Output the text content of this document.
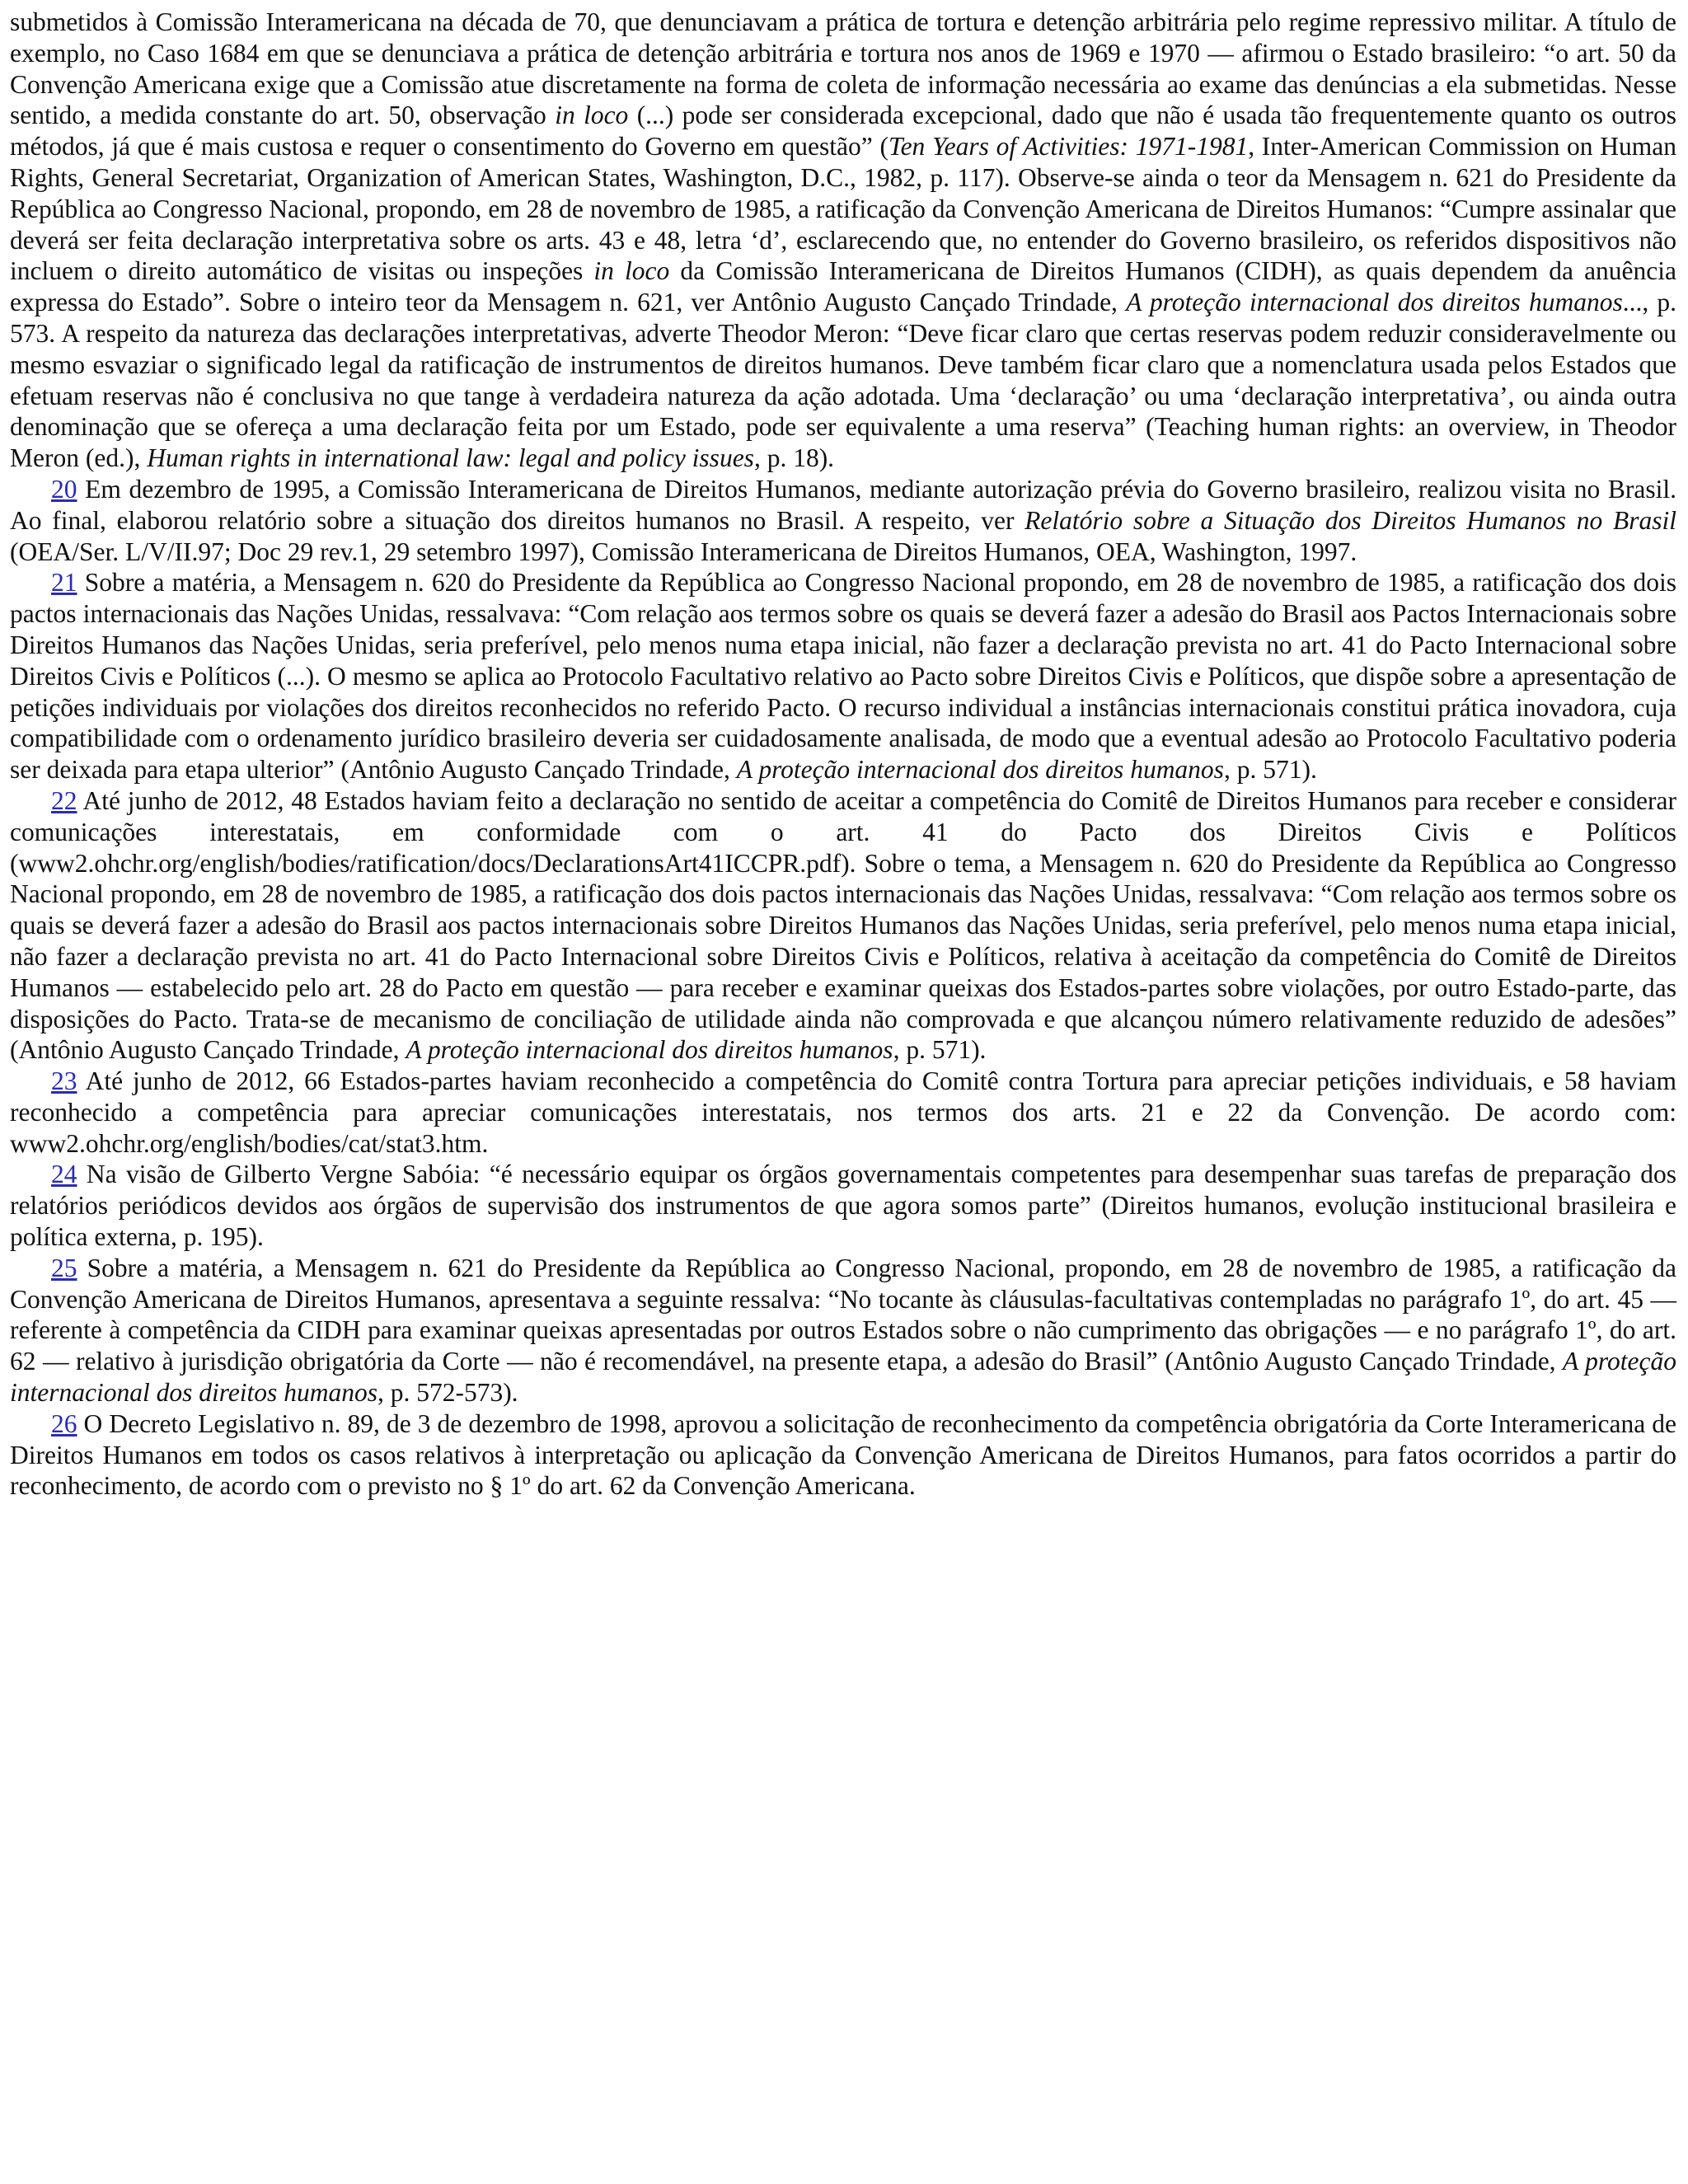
submetidos à Comissão Interamericana na década de 70, que denunciavam a prática de tortura e detenção arbitrária pelo regime repressivo militar. A título de exemplo, no Caso 1684 em que se denunciava a prática de detenção arbitrária e tortura nos anos de 1969 e 1970 — afirmou o Estado brasileiro: “o art. 50 da Convenção Americana exige que a Comissão atue discretamente na forma de coleta de informação necessária ao exame das denúncias a ela submetidas. Nesse sentido, a medida constante do art. 50, observação in loco (...) pode ser considerada excepcional, dado que não é usada tão frequentemente quanto os outros métodos, já que é mais custosa e requer o consentimento do Governo em questão” (Ten Years of Activities: 1971-1981, Inter-American Commission on Human Rights, General Secretariat, Organization of American States, Washington, D.C., 1982, p. 117). Observe-se ainda o teor da Mensagem n. 621 do Presidente da República ao Congresso Nacional, propondo, em 28 de novembro de 1985, a ratificação da Convenção Americana de Direitos Humanos: “Cumpre assinalar que deverá ser feita declaração interpretativa sobre os arts. 43 e 48, letra ‘d’, esclarecendo que, no entender do Governo brasileiro, os referidos dispositivos não incluem o direito automático de visitas ou inspeções in loco da Comissão Interamericana de Direitos Humanos (CIDH), as quais dependem da anuência expressa do Estado”. Sobre o inteiro teor da Mensagem n. 621, ver Antônio Augusto Cançado Trindade, A proteção internacional dos direitos humanos..., p. 573. A respeito da natureza das declarações interpretativas, adverte Theodor Meron: “Deve ficar claro que certas reservas podem reduzir consideravelmente ou mesmo esvaziar o significado legal da ratificação de instrumentos de direitos humanos. Deve também ficar claro que a nomenclatura usada pelos Estados que efetuam reservas não é conclusiva no que tange à verdadeira natureza da ação adotada. Uma ‘declaração’ ou uma ‘declaração interpretativa’, ou ainda outra denominação que se ofereça a uma declaração feita por um Estado, pode ser equivalente a uma reserva” (Teaching human rights: an overview, in Theodor Meron (ed.), Human rights in international law: legal and policy issues, p. 18).

20 Em dezembro de 1995, a Comissão Interamericana de Direitos Humanos, mediante autorização prévia do Governo brasileiro, realizou visita no Brasil. Ao final, elaborou relatório sobre a situação dos direitos humanos no Brasil. A respeito, ver Relatório sobre a Situação dos Direitos Humanos no Brasil (OEA/Ser. L/V/II.97; Doc 29 rev.1, 29 setembro 1997), Comissão Interamericana de Direitos Humanos, OEA, Washington, 1997.

21 Sobre a matéria, a Mensagem n. 620 do Presidente da República ao Congresso Nacional propondo, em 28 de novembro de 1985, a ratificação dos dois pactos internacionais das Nações Unidas, ressalvava: “Com relação aos termos sobre os quais se deverá fazer a adesão do Brasil aos Pactos Internacionais sobre Direitos Humanos das Nações Unidas, seria preferível, pelo menos numa etapa inicial, não fazer a declaração prevista no art. 41 do Pacto Internacional sobre Direitos Civis e Políticos (...). O mesmo se aplica ao Protocolo Facultativo relativo ao Pacto sobre Direitos Civis e Políticos, que dispõe sobre a apresentação de petições individuais por violações dos direitos reconhecidos no referido Pacto. O recurso individual a instâncias internacionais constitui prática inovadora, cuja compatibilidade com o ordenamento jurídico brasileiro deveria ser cuidadosamente analisada, de modo que a eventual adesão ao Protocolo Facultativo poderia ser deixada para etapa ulterior” (Antônio Augusto Cançado Trindade, A proteção internacional dos direitos humanos, p. 571).

22 Até junho de 2012, 48 Estados haviam feito a declaração no sentido de aceitar a competência do Comitê de Direitos Humanos para receber e considerar comunicações interestatais, em conformidade com o art. 41 do Pacto dos Direitos Civis e Políticos (www2.ohchr.org/english/bodies/ratification/docs/DeclarationsArt41ICCPR.pdf). Sobre o tema, a Mensagem n. 620 do Presidente da República ao Congresso Nacional propondo, em 28 de novembro de 1985, a ratificação dos dois pactos internacionais das Nações Unidas, ressalvava: “Com relação aos termos sobre os quais se deverá fazer a adesão do Brasil aos pactos internacionais sobre Direitos Humanos das Nações Unidas, seria preferível, pelo menos numa etapa inicial, não fazer a declaração prevista no art. 41 do Pacto Internacional sobre Direitos Civis e Políticos, relativa à aceitação da competência do Comitê de Direitos Humanos — estabelecido pelo art. 28 do Pacto em questão — para receber e examinar queixas dos Estados-partes sobre violações, por outro Estado-parte, das disposições do Pacto. Trata-se de mecanismo de conciliação de utilidade ainda não comprovada e que alcançou número relativamente reduzido de adesões” (Antônio Augusto Cançado Trindade, A proteção internacional dos direitos humanos, p. 571).

23 Até junho de 2012, 66 Estados-partes haviam reconhecido a competência do Comitê contra Tortura para apreciar petições individuais, e 58 haviam reconhecido a competência para apreciar comunicações interestatais, nos termos dos arts. 21 e 22 da Convenção. De acordo com: www2.ohchr.org/english/bodies/cat/stat3.htm.

24 Na visão de Gilberto Vergne Sabóia: “é necessário equipar os órgãos governamentais competentes para desempenhar suas tarefas de preparação dos relatórios periódicos devidos aos órgãos de supervisão dos instrumentos de que agora somos parte” (Direitos humanos, evolução institucional brasileira e política externa, p. 195).

25 Sobre a matéria, a Mensagem n. 621 do Presidente da República ao Congresso Nacional, propondo, em 28 de novembro de 1985, a ratificação da Convenção Americana de Direitos Humanos, apresentava a seguinte ressalva: “No tocante às cláusulas-facultativas contempladas no parágrafo 1º, do art. 45 — referente à competência da CIDH para examinar queixas apresentadas por outros Estados sobre o não cumprimento das obrigações — e no parágrafo 1º, do art. 62 — relativo à jurisdição obrigatória da Corte — não é recomendável, na presente etapa, a adesão do Brasil” (Antônio Augusto Cançado Trindade, A proteção internacional dos direitos humanos, p. 572-573).

26 O Decreto Legislativo n. 89, de 3 de dezembro de 1998, aprovou a solicitação de reconhecimento da competência obrigatória da Corte Interamericana de Direitos Humanos em todos os casos relativos à interpretação ou aplicação da Convenção Americana de Direitos Humanos, para fatos ocorridos a partir do reconhecimento, de acordo com o previsto no § 1º do art. 62 da Convenção Americana.
